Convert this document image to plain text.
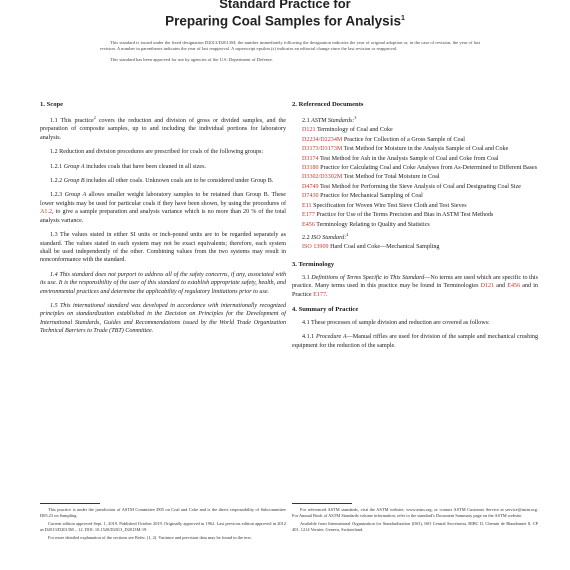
Standard Practice for
Preparing Coal Samples for Analysis$^1$

This standard is issued under the fixed designation D2013/D2013M; the number immediately following the designation indicates the year of original adoption or, in the case of revision, the year of last revision. A number in parentheses indicates the year of last reapproval. A superscript epsilon (ε) indicates an editorial change since the last revision or reapproval.

This standard has been approved for use by agencies of the U.S. Department of Defense.

1. Scope

1.1 This practice$^2$ covers the reduction and division of gross or divided samples, and the preparation of composite samples, up to and including the individual portions for laboratory analysis.

1.2 Reduction and division procedures are prescribed for coals of the following groups:

1.2.1 Group A includes coals that have been cleaned in all sizes.

1.2.2 Group B includes all other coals. Unknown coals are to be considered under Group B.

1.2.3 Group A allows smaller weight laboratory samples to be retained than Group B. These lower weights may be used for particular coals if they have been shown, by using the procedures of A1.2, to give a sample preparation and analysis variance which is no more than 20 % of the total analysis variance.

1.3 The values stated in either SI units or inch-pound units are to be regarded separately as standard. The values stated in each system may not be exact equivalents; therefore, each system shall be used independently of the other. Combining values from the two systems may result in nonconformance with the standard.

1.4 This standard does not purport to address all of the safety concerns, if any, associated with its use. It is the responsibility of the user of this standard to establish appropriate safety, health, and environmental practices and determine the applicability of regulatory limitations prior to use.

1.5 This international standard was developed in accordance with internationally recognized principles on standardization established in the Decision on Principles for the Development of International Standards, Guides and Recommendations issued by the World Trade Organization Technical Barriers to Trade (TBT) Committee.

2. Referenced Documents

2.1 ASTM Standards:$^3$

D121 Terminology of Coal and Coke

D2234/D2234M Practice for Collection of a Gross Sample of Coal

D3173/D3173M Test Method for Moisture in the Analysis Sample of Coal and Coke

D3174 Test Method for Ash in the Analysis Sample of Coal and Coke from Coal

D3180 Practice for Calculating Coal and Coke Analyses from As-Determined to Different Bases

D3302/D3302M Test Method for Total Moisture in Coal

D4749 Test Method for Performing the Sieve Analysis of Coal and Designating Coal Size

D7430 Practice for Mechanical Sampling of Coal

E11 Specification for Woven Wire Test Sieve Cloth and Test Sieves

E177 Practice for Use of the Terms Precision and Bias in ASTM Test Methods

E456 Terminology Relating to Quality and Statistics

2.2 ISO Standard:$^4$

ISO 13909 Hard Coal and Coke—Mechanical Sampling

3. Terminology

3.1 Definitions of Terms Specific to This Standard—No terms are used which are specific to this practice. Many terms used in this practice may be found in Terminologies D121 and E456 and in Practice E177.

4. Summary of Practice

4.1 These processes of sample division and reduction are covered as follows:

4.1.1 Procedure A—Manual riffles are used for division of the sample and mechanical crushing equipment for the reduction of the sample.

This practice is under the jurisdiction of ASTM Committee D05 on Coal and Coke and is the direct responsibility of Subcommittee D05.23 on Sampling.

Current edition approved Sept. 1, 2019. Published October 2019. Originally approved in 1962. Last previous edition approved in 2012 as D2013/D2013M – 12. DOI: 10.1520/D2013_D2013M-19.

For more detailed explanation of the sections see Refer. (1, 2). Variance and precision data may be found in the text.

For referenced ASTM standards, visit the ASTM website, www.astm.org, or contact ASTM Customer Service at service@astm.org. For Annual Book of ASTM Standards volume information, refer to the standard's Document Summary page on the ASTM website.

Available from International Organization for Standardization (ISO), ISO Central Secretariat, BIBC II, Chemin de Blandonnet 8, CP 401, 1214 Vernier, Geneva, Switzerland.
